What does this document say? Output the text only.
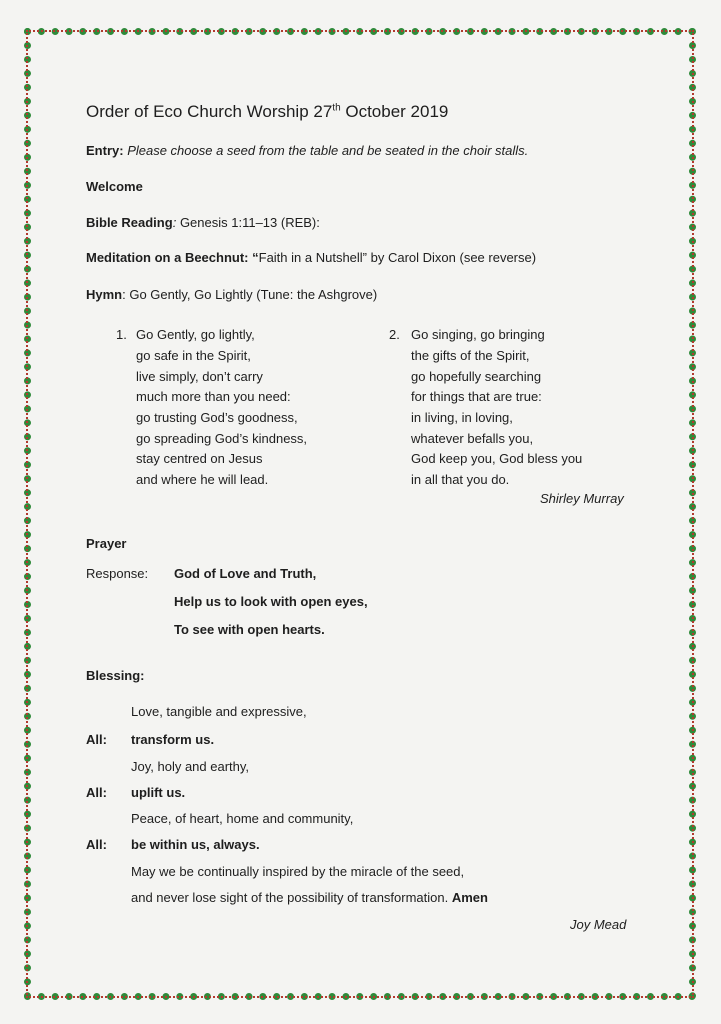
Order of Eco Church Worship 27th October 2019
Entry: Please choose a seed from the table and be seated in the choir stalls.
Welcome
Bible Reading: Genesis 1:11–13 (REB):
Meditation on a Beechnut: “Faith in a Nutshell” by Carol Dixon (see reverse)
Hymn: Go Gently, Go Lightly (Tune: the Ashgrove)
1. Go Gently, go lightly,
go safe in the Spirit,
live simply, don’t carry
much more than you need:
go trusting God’s goodness,
go spreading God’s kindness,
stay centred on Jesus
and where he will lead.
2. Go singing, go bringing
the gifts of the Spirit,
go hopefully searching
for things that are true:
in living, in loving,
whatever befalls you,
God keep you, God bless you
in all that you do.
Shirley Murray
Prayer
Response: God of Love and Truth,
Help us to look with open eyes,
To see with open hearts.
Blessing:
Love, tangible and expressive,
All: transform us.
Joy, holy and earthy,
All: uplift us.
Peace, of heart, home and community,
All: be within us, always.
May we be continually inspired by the miracle of the seed,
and never lose sight of the possibility of transformation. Amen
Joy Mead
